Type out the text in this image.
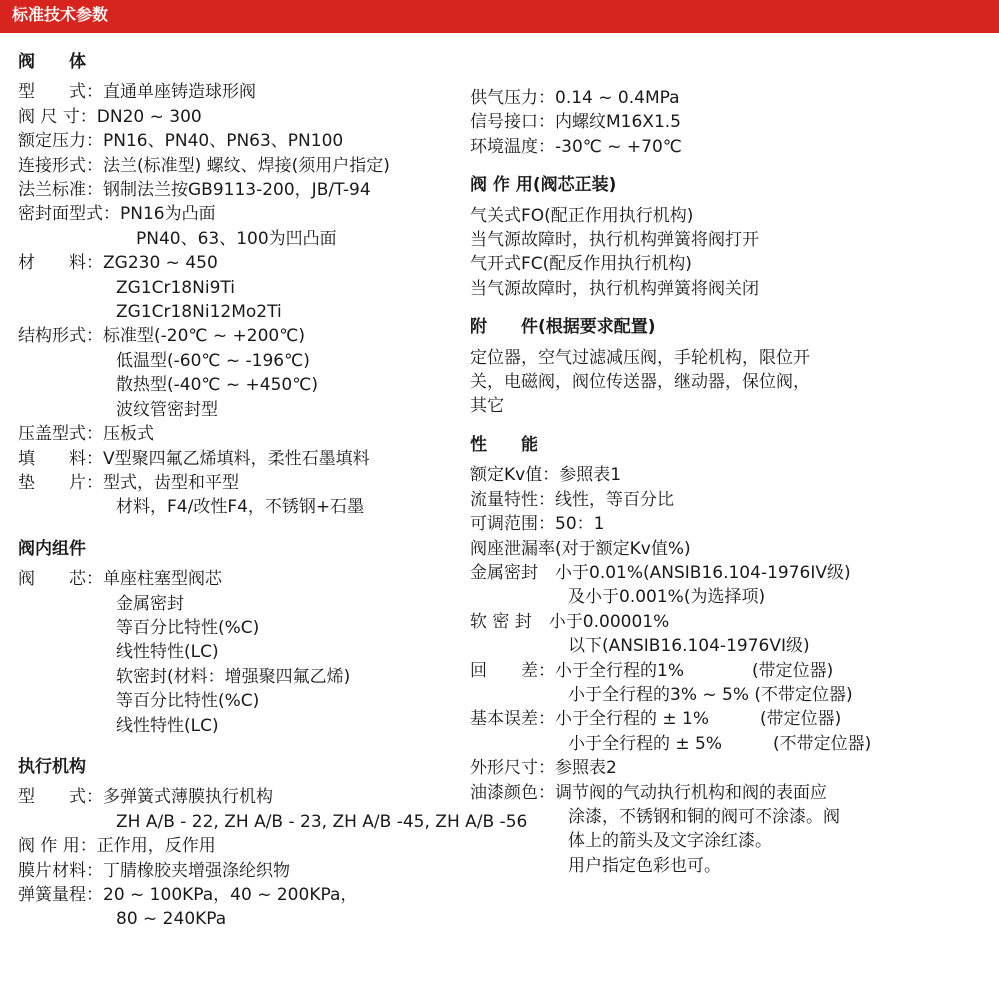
标准技术参数
阀　　体
型　　式：直通单座铸造球形阀
阀 尺 寸：DN20 ~ 300
额定压力：PN16、PN40、PN63、PN100
连接形式：法兰(标准型) 螺纹、焊接(须用户指定)
法兰标准：钢制法兰按GB9113-200，JB/T-94
密封面型式：PN16为凸面
PN40、63、100为凹凸面
材　　料：ZG230 ~ 450
ZG1Cr18Ni9Ti
ZG1Cr18Ni12Mo2Ti
结构形式：标准型(-20℃ ~ +200℃)
低温型(-60℃ ~ -196℃)
散热型(-40℃ ~ +450℃)
波纹管密封型
压盖型式：压板式
填　　料：V型聚四氟乙烯填料，柔性石墨填料
垫　　片：型式，齿型和平型
材料，F4/改性F4，不锈钢+石墨
阀内组件
阀　　芯：单座柱塞型阀芯
金属密封
等百分比特性(%C)
线性特性(LC)
软密封(材料：增强聚四氟乙烯)
等百分比特性(%C)
线性特性(LC)
执行机构
型　　式：多弹簧式薄膜执行机构
ZH A/B - 22, ZH A/B - 23, ZH A/B -45, ZH A/B -56
阀 作 用：正作用，反作用
膜片材料：丁腈橡胶夹增强涤纶织物
弹簧量程：20 ~ 100KPa，40 ~ 200KPa，
80 ~ 240KPa
供气压力：0.14 ~ 0.4MPa
信号接口：内螺纹M16X1.5
环境温度：-30℃ ~ +70℃
阀 作 用(阀芯正装)
气关式FO(配正作用执行机构)
当气源故障时，执行机构弹簧将阀打开
气开式FC(配反作用执行机构)
当气源故障时，执行机构弹簧将阀关闭
附　　件(根据要求配置)
定位器，空气过滤减压阀，手轮机构，限位开
关，电磁阀，阀位传送器，继动器，保位阀，
其它
性　　能
额定Kv值：参照表1
流量特性：线性，等百分比
可调范围：50：1
阀座泄漏率(对于额定Kv值%)
金属密封　小于0.01%(ANSIB16.104-1976IV级)
及小于0.001%(为选择项)
软 密 封　小于0.00001%
以下(ANSIB16.104-1976VI级)
回　　差：小于全行程的1%　　　　(带定位器)
小于全行程的3% ~ 5% (不带定位器)
基本误差：小于全行程的 ± 1%　　　(带定位器)
小于全行程的 ± 5%　　　(不带定位器)
外形尺寸：参照表2
油漆颜色：调节阀的气动执行机构和阀的表面应
涂漆，不锈钢和铜的阀可不涂漆。阀
体上的箭头及文字涂红漆。
用户指定色彩也可。
